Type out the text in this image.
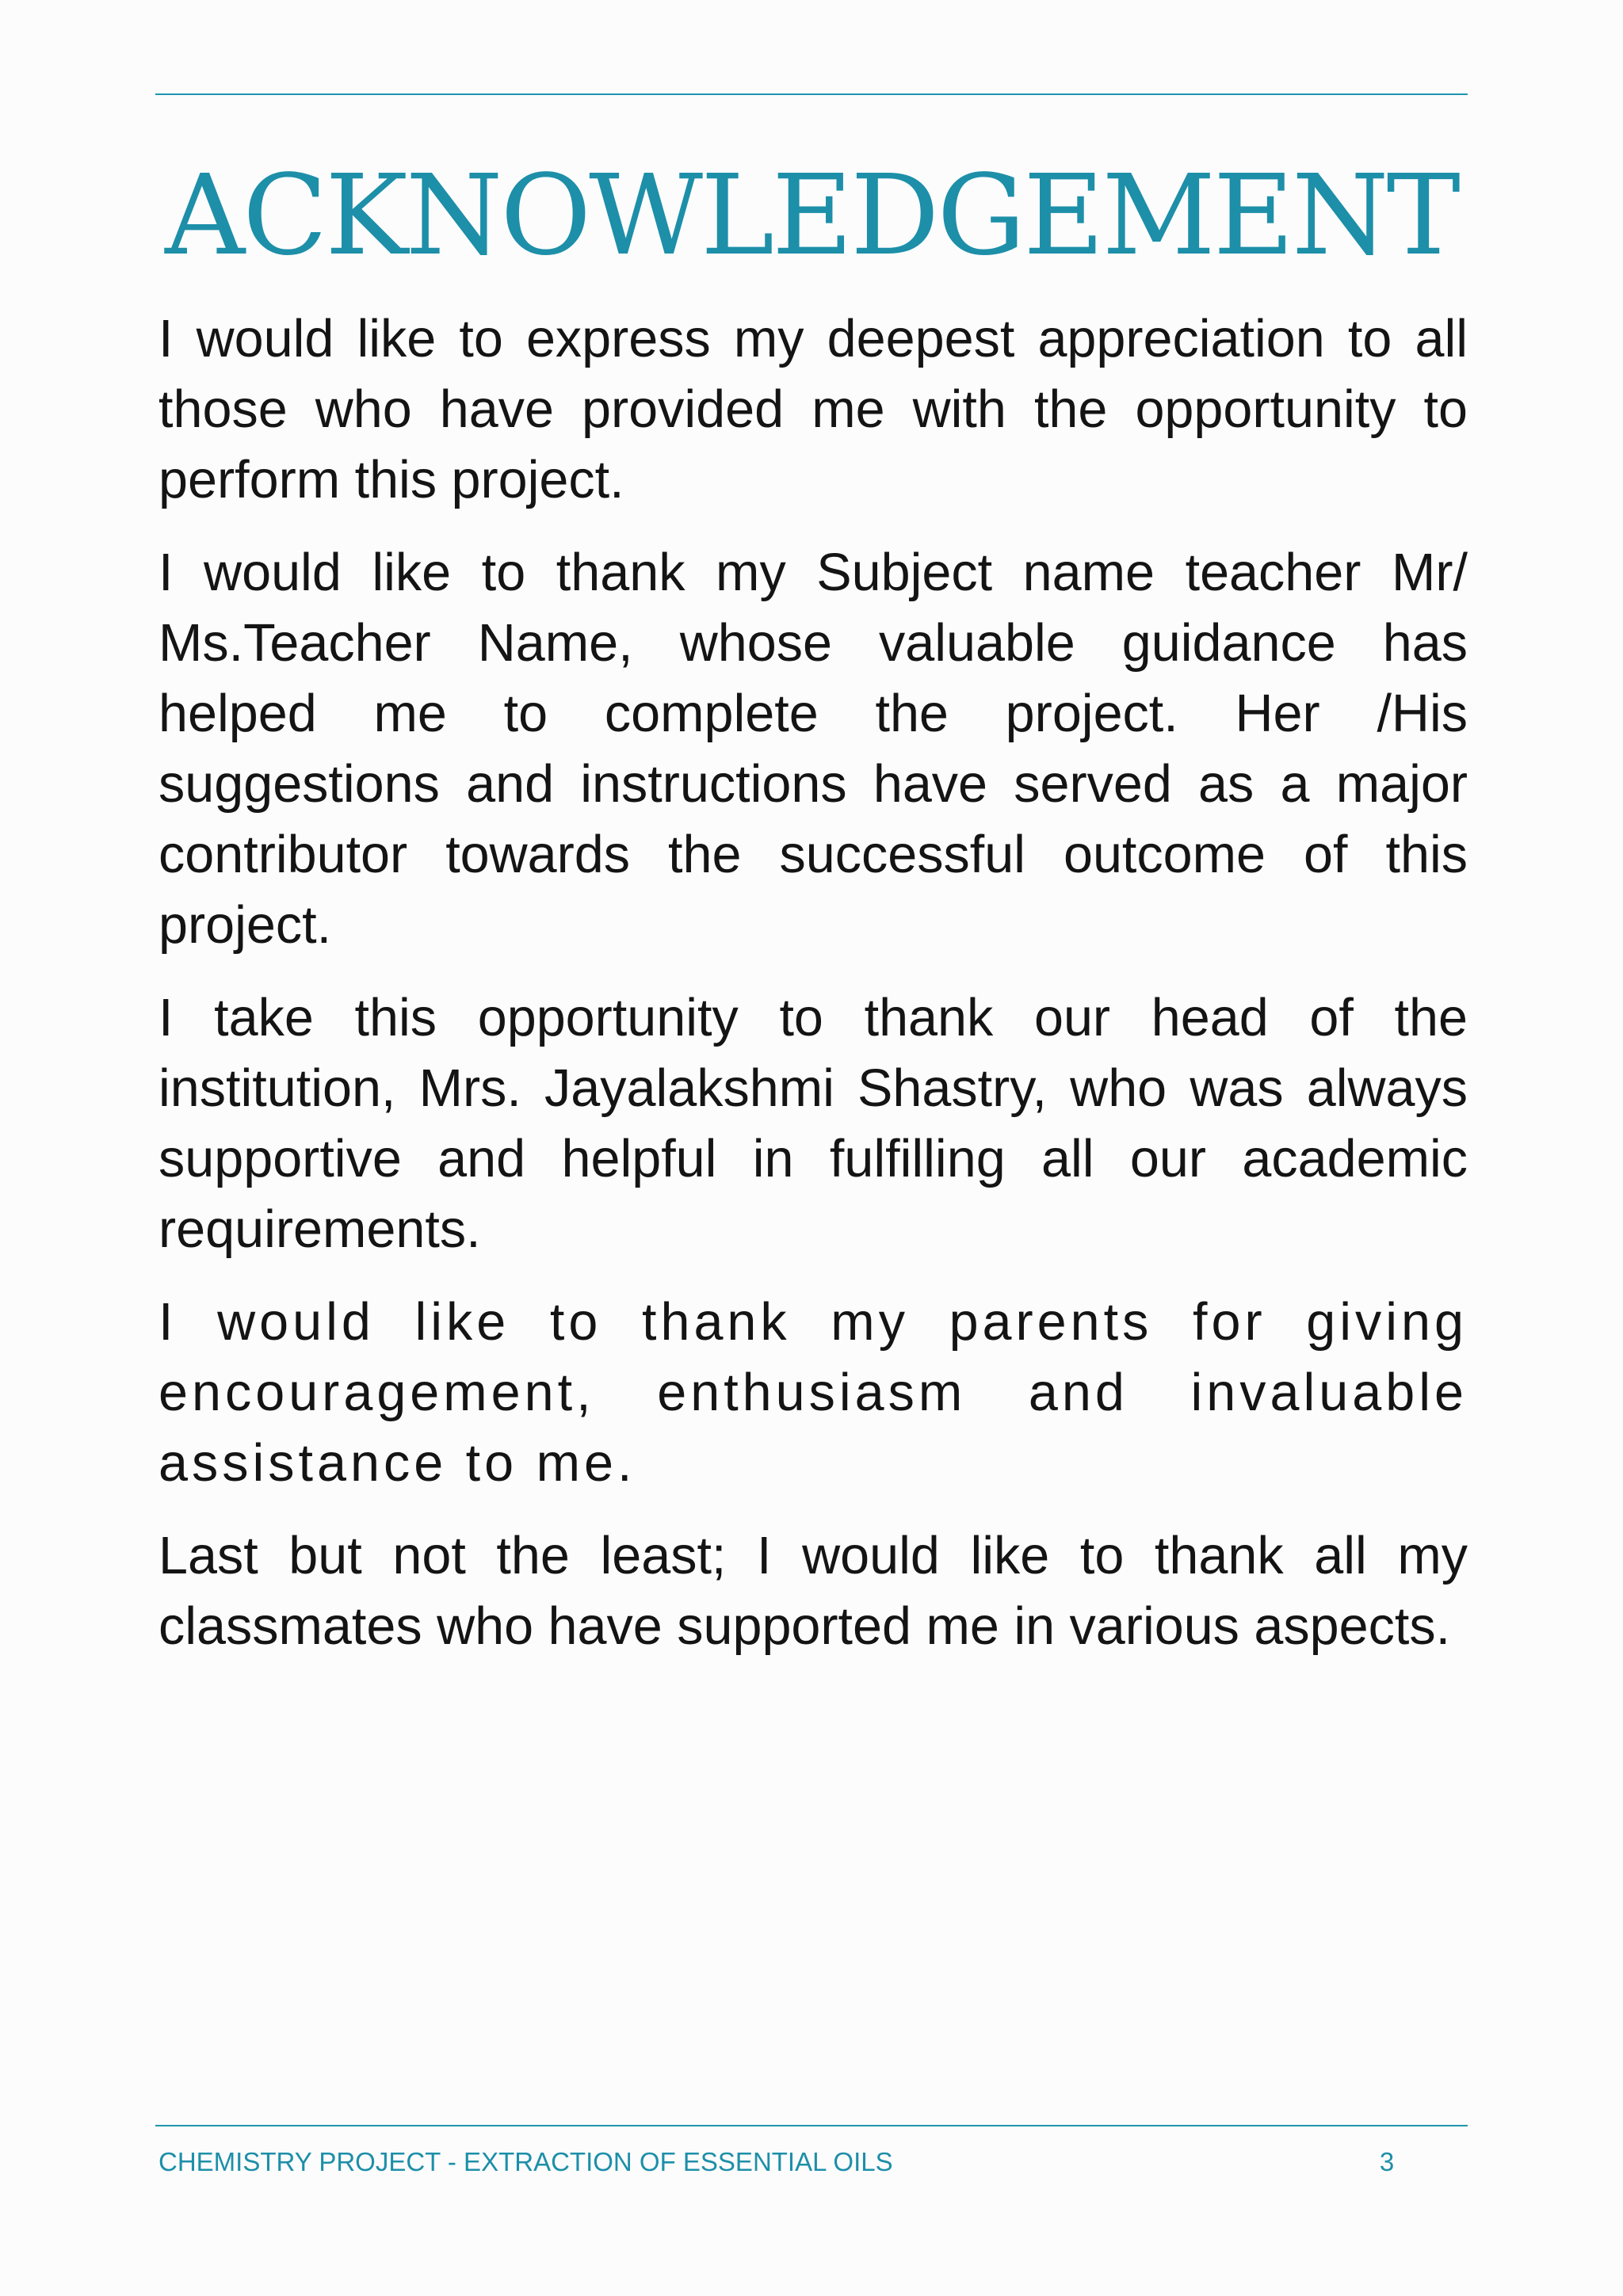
ACKNOWLEDGEMENT

I would like to express my deepest appreciation to all those who have provided me with the opportunity to perform this project.

I would like to thank my Subject name teacher Mr/ Ms.Teacher Name, whose valuable guidance has helped me to complete the project. Her /His suggestions and instructions have served as a major contributor towards the successful outcome of this project.

I take this opportunity to thank our head of the institution, Mrs. Jayalakshmi Shastry, who was always supportive and helpful in fulfilling all our academic requirements.

I would like to thank my parents for giving encouragement, enthusiasm and invaluable assistance to me.

Last but not the least; I would like to thank all my classmates who have supported me in various aspects.

CHEMISTRY PROJECT - EXTRACTION OF ESSENTIAL OILS	3
